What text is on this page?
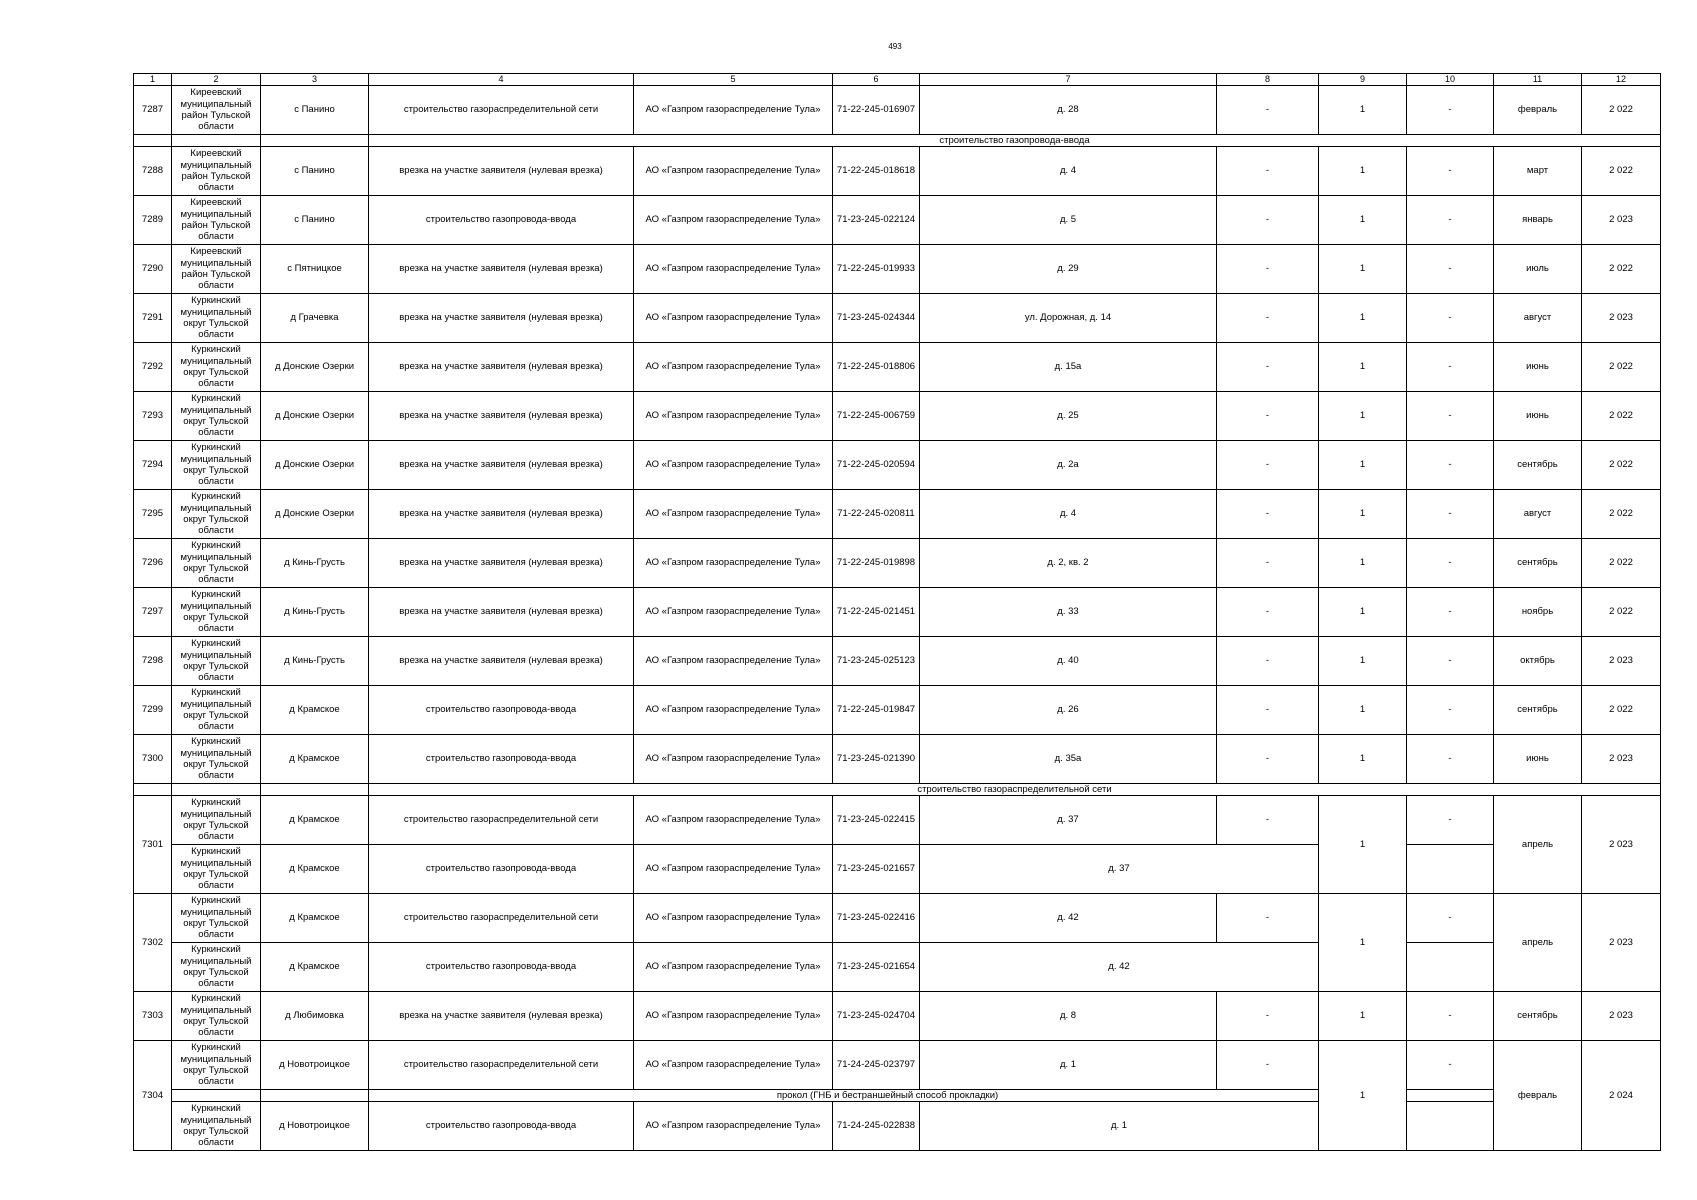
493
1	2	3	4	5	6	7	8	9	10	11	12
7287	Киреевский муниципальный район Тульской области	с Панино	строительство газораспределительной сети	АО «Газпром газораспределение Тула»	71-22-245-016907	д. 28	-	1	-	февраль	2 022
			строительство газопровода-ввода								
7288	Киреевский муниципальный район Тульской области	с Панино	врезка на участке заявителя (нулевая врезка)	АО «Газпром газораспределение Тула»	71-22-245-018618	д. 4	-	1	-	март	2 022
7289	Киреевский муниципальный район Тульской области	с Панино	строительство газопровода-ввода	АО «Газпром газораспределение Тула»	71-23-245-022124	д. 5	-	1	-	январь	2 023
7290	Киреевский муниципальный район Тульской области	с Пятницкое	врезка на участке заявителя (нулевая врезка)	АО «Газпром газораспределение Тула»	71-22-245-019933	д. 29	-	1	-	июль	2 022
7291	Куркинский муниципальный округ Тульской области	д Грачевка	врезка на участке заявителя (нулевая врезка)	АО «Газпром газораспределение Тула»	71-23-245-024344	ул. Дорожная, д. 14	-	1	-	август	2 023
7292	Куркинский муниципальный округ Тульской области	д Донские Озерки	врезка на участке заявителя (нулевая врезка)	АО «Газпром газораспределение Тула»	71-22-245-018806	д. 15а	-	1	-	июнь	2 022
7293	Куркинский муниципальный округ Тульской области	д Донские Озерки	врезка на участке заявителя (нулевая врезка)	АО «Газпром газораспределение Тула»	71-22-245-006759	д. 25	-	1	-	июнь	2 022
7294	Куркинский муниципальный округ Тульской области	д Донские Озерки	врезка на участке заявителя (нулевая врезка)	АО «Газпром газораспределение Тула»	71-22-245-020594	д. 2а	-	1	-	сентябрь	2 022
7295	Куркинский муниципальный округ Тульской области	д Донские Озерки	врезка на участке заявителя (нулевая врезка)	АО «Газпром газораспределение Тула»	71-22-245-020811	д. 4	-	1	-	август	2 022
7296	Куркинский муниципальный округ Тульской области	д Кинь-Грусть	врезка на участке заявителя (нулевая врезка)	АО «Газпром газораспределение Тула»	71-22-245-019898	д. 2, кв. 2	-	1	-	сентябрь	2 022
7297	Куркинский муниципальный округ Тульской области	д Кинь-Грусть	врезка на участке заявителя (нулевая врезка)	АО «Газпром газораспределение Тула»	71-22-245-021451	д. 33	-	1	-	ноябрь	2 022
7298	Куркинский муниципальный округ Тульской области	д Кинь-Грусть	врезка на участке заявителя (нулевая врезка)	АО «Газпром газораспределение Тула»	71-23-245-025123	д. 40	-	1	-	октябрь	2 023
7299	Куркинский муниципальный округ Тульской области	д Крамское	строительство газопровода-ввода	АО «Газпром газораспределение Тула»	71-22-245-019847	д. 26	-	1	-	сентябрь	2 022
7300	Куркинский муниципальный округ Тульской области	д Крамское	строительство газопровода-ввода	АО «Газпром газораспределение Тула»	71-23-245-021390	д. 35а	-	1	-	июнь	2 023
			строительство газораспределительной сети								
7301	Куркинский муниципальный округ Тульской области	д Крамское	строительство газораспределительной сети	АО «Газпром газораспределение Тула»	71-23-245-022415	д. 37	-	1	-	апрель	2 023
	Куркинский муниципальный округ Тульской области	д Крамское	строительство газопровода-ввода	АО «Газпром газораспределение Тула»	71-23-245-021657	д. 37					
7302	Куркинский муниципальный округ Тульской области	д Крамское	строительство газораспределительной сети	АО «Газпром газораспределение Тула»	71-23-245-022416	д. 42	-	1	-	апрель	2 023
	Куркинский муниципальный округ Тульской области	д Крамское	строительство газопровода-ввода	АО «Газпром газораспределение Тула»	71-23-245-021654	д. 42					
7303	Куркинский муниципальный округ Тульской области	д Любимовка	врезка на участке заявителя (нулевая врезка)	АО «Газпром газораспределение Тула»	71-23-245-024704	д. 8	-	1	-	сентябрь	2 023
7304	Куркинский муниципальный округ Тульской области	д Новотроицкое	строительство газораспределительной сети	АО «Газпром газораспределение Тула»	71-24-245-023797	д. 1	-	1	-	февраль	2 024
			прокол (ГНБ и бестраншейный способ прокладки)								
	Куркинский муниципальный округ Тульской области	д Новотроицкое	строительство газопровода-ввода	АО «Газпром газораспределение Тула»	71-24-245-022838	д. 1					
